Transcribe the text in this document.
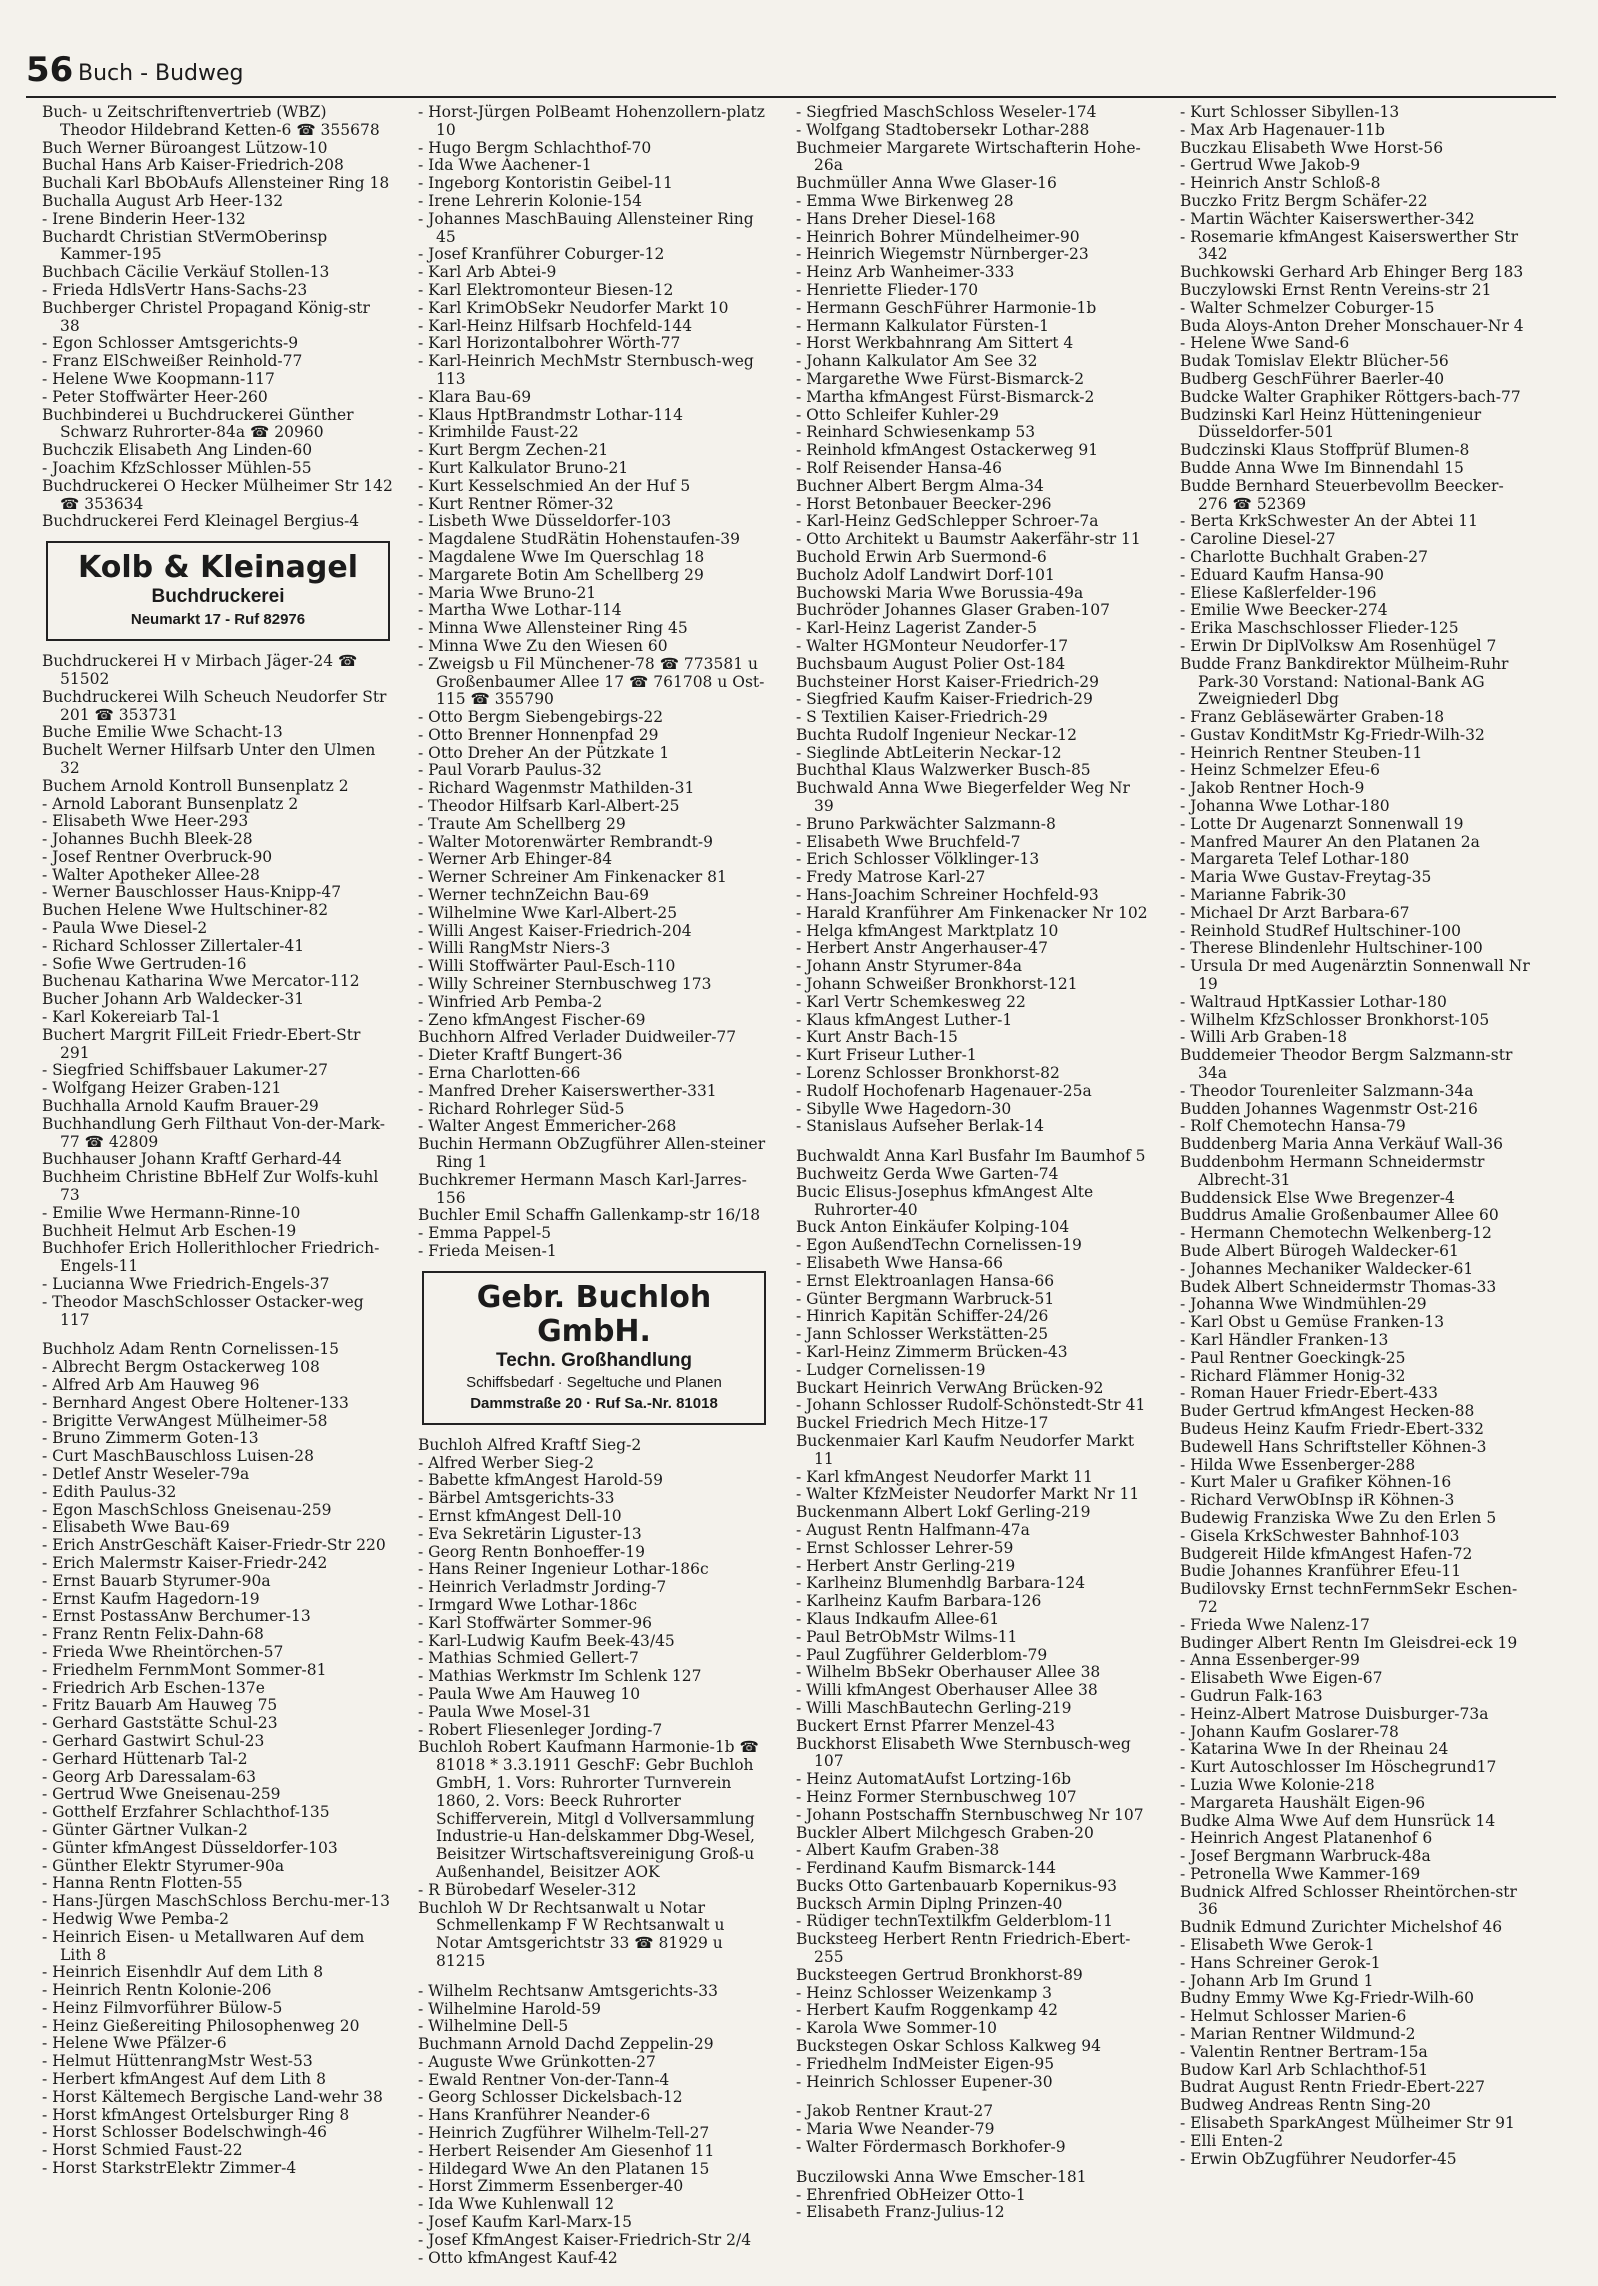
56 Buch - Budweg
Buch- u Zeitschriftenvertrieb (WBZ) Theodor Hildebrand Ketten-6 ☎ 355678
Buch Werner Büroangest Lützow-10
Buchal Hans Arb Kaiser-Friedrich-208
Buchali Karl BbObAufs Allensteiner Ring 18
Buchalla August Arb Heer-132
- Irene Binderin Heer-132
Buchardt Christian StVermOberinsp Kammer-195
Buchbach Cäcilie Verkäuf Stollen-13
- Frieda HdlsVertr Hans-Sachs-23
Buchberger Christel Propagand König-str 38
- Egon Schlosser Amtsgerichts-9
- Franz ElSchweißer Reinhold-77
- Helene Wwe Koopmann-117
- Peter Stoffwärter Heer-260
Buchbinderei u Buchdruckerei Günther Schwarz Ruhrorter-84a ☎ 20960
Buchczik Elisabeth Ang Linden-60
- Joachim KfzSchlosser Mühlen-55
Buchdruckerei O Hecker Mülheimer Str 142 ☎ 353634
Buchdruckerei Ferd Kleinagel Bergius-4
Kolb & Kleinagel
Buchdruckerei
Neumarkt 17 - Ruf 82976
Buchdruckerei H v Mirbach Jäger-24 ☎ 51502
Buchdruckerei Wilh Scheuch Neudorfer Str 201 ☎ 353731
Buche Emilie Wwe Schacht-13
Buchelt Werner Hilfsarb Unter den Ulmen 32
Buchem Arnold Kontroll Bunsenplatz 2
- Arnold Laborant Bunsenplatz 2
- Elisabeth Wwe Heer-293
- Johannes Buchh Bleek-28
- Josef Rentner Overbruck-90
- Walter Apotheker Allee-28
- Werner Bauschlosser Haus-Knipp-47
Buchen Helene Wwe Hultschiner-82
- Paula Wwe Diesel-2
- Richard Schlosser Zillertaler-41
- Sofie Wwe Gertruden-16
Buchenau Katharina Wwe Mercator-112
Bucher Johann Arb Waldecker-31
- Karl Kokereiarb Tal-1
Buchert Margrit FilLeit Friedr-Ebert-Str 291
- Siegfried Schiffsbauer Lakumer-27
- Wolfgang Heizer Graben-121
Buchhalla Arnold Kaufm Brauer-29
Buchhandlung Gerh Filthaut Von-der-Mark-77 ☎ 42809
Buchhauser Johann Kraftf Gerhard-44
Buchheim Christine BbHelf Zur Wolfs-kuhl 73
- Emilie Wwe Hermann-Rinne-10
Buchheit Helmut Arb Eschen-19
Buchhofer Erich Hollerithlocher Friedrich-Engels-11
- Lucianna Wwe Friedrich-Engels-37
- Theodor MaschSchlosser Ostacker-weg 117
Buchholz Adam Rentn Cornelissen-15
- Albrecht Bergm Ostackerweg 108
- Alfred Arb Am Hauweg 96
- Bernhard Angest Obere Holtener-133
- Brigitte VerwAngest Mülheimer-58
- Bruno Zimmerm Goten-13
- Curt MaschBauschloss Luisen-28
- Detlef Anstr Weseler-79a
- Edith Paulus-32
- Egon MaschSchloss Gneisenau-259
- Elisabeth Wwe Bau-69
- Erich AnstrGeschäft Kaiser-Friedr-Str 220
- Erich Malermstr Kaiser-Friedr-242
- Ernst Bauarb Styrumer-90a
- Ernst Kaufm Hagedorn-19
- Ernst PostassAnw Berchumer-13
- Franz Rentn Felix-Dahn-68
- Frieda Wwe Rheintörchen-57
- Friedhelm FernmMont Sommer-81
- Friedrich Arb Eschen-137e
- Fritz Bauarb Am Hauweg 75
- Gerhard Gaststätte Schul-23
- Gerhard Gastwirt Schul-23
- Gerhard Hüttenarb Tal-2
- Georg Arb Daressalam-63
- Gertrud Wwe Gneisenau-259
- Gotthelf Erzfahrer Schlachthof-135
- Günter Gärtner Vulkan-2
- Günter kfmAngest Düsseldorfer-103
- Günther Elektr Styrumer-90a
- Hanna Rentn Flotten-55
- Hans-Jürgen MaschSchloss Berchu-mer-13
- Hedwig Wwe Pemba-2
- Heinrich Eisen- u Metallwaren Auf dem Lith 8
- Heinrich Eisenhdlr Auf dem Lith 8
- Heinrich Rentn Kolonie-206
- Heinz Filmvorführer Bülow-5
- Heinz Gießereiting Philosophenweg 20
- Helene Wwe Pfälzer-6
- Helmut HüttenrangMstr West-53
- Herbert kfmAngest Auf dem Lith 8
- Horst Kältemech Bergische Land-wehr 38
- Horst kfmAngest Ortelsburger Ring 8
- Horst Schlosser Bodelschwingh-46
- Horst Schmied Faust-22
- Horst StarkstrElektr Zimmer-4
- Horst-Jürgen PolBeamt Hohenzollern-platz 10
- Hugo Bergm Schlachthof-70
- Ida Wwe Aachener-1
- Ingeborg Kontoristin Geibel-11
- Irene Lehrerin Kolonie-154
- Johannes MaschBauing Allensteiner Ring 45
- Josef Kranführer Coburger-12
- Karl Arb Abtei-9
- Karl Elektromonteur Biesen-12
- Karl KrimObSekr Neudorfer Markt 10
- Karl-Heinz Hilfsarb Hochfeld-144
- Karl Horizontalbohrer Wörth-77
- Karl-Heinrich MechMstr Sternbusch-weg 113
- Klara Bau-69
- Klaus HptBrandmstr Lothar-114
- Krimhilde Faust-22
- Kurt Bergm Zechen-21
- Kurt Kalkulator Bruno-21
- Kurt Kesselschmied An der Huf 5
- Kurt Rentner Römer-32
- Lisbeth Wwe Düsseldorfer-103
- Magdalene StudRätin Hohenstaufen-39
- Magdalene Wwe Im Querschlag 18
- Margarete Botin Am Schellberg 29
- Maria Wwe Bruno-21
- Martha Wwe Lothar-114
- Minna Wwe Allensteiner Ring 45
- Minna Wwe Zu den Wiesen 60
- Zweigsb u Fil Münchener-78 ☎ 773581 u Großenbaumer Allee 17 ☎ 761708 u Ost-115 ☎ 355790
- Otto Bergm Siebengebirgs-22
- Otto Brenner Honnenpfad 29
- Otto Dreher An der Pützkate 1
- Paul Vorarb Paulus-32
- Richard Wagenmstr Mathilden-31
- Theodor Hilfsarb Karl-Albert-25
- Traute Am Schellberg 29
- Walter Motorenwärter Rembrandt-9
- Werner Arb Ehinger-84
- Werner Schreiner Am Finkenacker 81
- Werner technZeichn Bau-69
- Wilhelmine Wwe Karl-Albert-25
- Willi Angest Kaiser-Friedrich-204
- Willi RangMstr Niers-3
- Willi Stoffwärter Paul-Esch-110
- Willy Schreiner Sternbuschweg 173
- Winfried Arb Pemba-2
- Zeno kfmAngest Fischer-69
Buchhorn Alfred Verlader Duidweiler-77
- Dieter Kraftf Bungert-36
- Erna Charlotten-66
- Manfred Dreher Kaiserswerther-331
- Richard Rohrleger Süd-5
- Walter Angest Emmericher-268
Buchin Hermann ObZugführer Allen-steiner Ring 1
Buchkremer Hermann Masch Karl-Jarres-156
Buchler Emil Schaffn Gallenkamp-str 16/18
- Emma Pappel-5
- Frieda Meisen-1
Gebr. Buchloh GmbH.
Techn. Großhandlung
Schiffsbedarf · Segeltuche und Planen
Dammstraße 20 · Ruf Sa.-Nr. 81018
Buchloh Alfred Kraftf Sieg-2
- Alfred Werber Sieg-2
- Babette kfmAngest Harold-59
- Bärbel Amtsgerichts-33
- Ernst kfmAngest Dell-10
- Eva Sekretärin Liguster-13
- Georg Rentn Bonhoeffer-19
- Hans Reiner Ingenieur Lothar-186c
- Heinrich Verladmstr Jording-7
- Irmgard Wwe Lothar-186c
- Karl Stoffwärter Sommer-96
- Karl-Ludwig Kaufm Beek-43/45
- Mathias Schmied Gellert-7
- Mathias Werkmstr Im Schlenk 127
- Paula Wwe Am Hauweg 10
- Paula Wwe Mosel-31
- Robert Fliesenleger Jording-7
Buchloh Robert Kaufmann Harmonie-1b ☎ 81018 * 3.3.1911 GeschF: Gebr Buchloh GmbH, 1. Vors: Ruhrorter Turnverein 1860, 2. Vors: Beeck Ruhrorter Schifferverein, Mitgl d Vollversammlung Industrie-u Han-delskammer Dbg-Wesel, Beisitzer Wirtschaftsvereinigung Groß-u Außenhandel, Beisitzer AOK
- R Bürobedarf Weseler-312
Buchloh W Dr Rechtsanwalt u Notar Schmellenkamp F W Rechtsanwalt u Notar Amtsgerichtstr 33 ☎ 81929 u 81215
- Wilhelm Rechtsanw Amtsgerichts-33
- Wilhelmine Harold-59
- Wilhelmine Dell-5
Buchmann Arnold Dachd Zeppelin-29
- Auguste Wwe Grünkotten-27
- Ewald Rentner Von-der-Tann-4
- Georg Schlosser Dickelsbach-12
- Hans Kranführer Neander-6
- Heinrich Zugführer Wilhelm-Tell-27
- Herbert Reisender Am Giesenhof 11
- Hildegard Wwe An den Platanen 15
- Horst Zimmerm Essenberger-40
- Ida Wwe Kuhlenwall 12
- Josef Kaufm Karl-Marx-15
- Josef KfmAngest Kaiser-Friedrich-Str 2/4
- Otto kfmAngest Kauf-42
- Siegfried MaschSchloss Weseler-174
- Wolfgang Stadtobersekr Lothar-288
Buchmeier Margarete Wirtschafterin Hohe-26a
Buchmüller Anna Wwe Glaser-16
- Emma Wwe Birkenweg 28
- Hans Dreher Diesel-168
- Heinrich Bohrer Mündelheimer-90
- Heinrich Wiegemstr Nürnberger-23
- Heinz Arb Wanheimer-333
- Henriette Flieder-170
- Hermann GeschFührer Harmonie-1b
- Hermann Kalkulator Fürsten-1
- Horst Werkbahnrang Am Sittert 4
- Johann Kalkulator Am See 32
- Margarethe Wwe Fürst-Bismarck-2
- Martha kfmAngest Fürst-Bismarck-2
- Otto Schleifer Kuhler-29
- Reinhard Schwiesenkamp 53
- Reinhold kfmAngest Ostackerweg 91
- Rolf Reisender Hansa-46
Buchner Albert Bergm Alma-34
- Horst Betonbauer Beecker-296
- Karl-Heinz GedSchlepper Schroer-7a
- Otto Architekt u Baumstr Aakerfähr-str 11
Buchold Erwin Arb Suermond-6
Bucholz Adolf Landwirt Dorf-101
Buchowski Maria Wwe Borussia-49a
Buchröder Johannes Glaser Graben-107
- Karl-Heinz Lagerist Zander-5
- Walter HGMonteur Neudorfer-17
Buchsbaum August Polier Ost-184
Buchsteiner Horst Kaiser-Friedrich-29
- Siegfried Kaufm Kaiser-Friedrich-29
- S Textilien Kaiser-Friedrich-29
Buchta Rudolf Ingenieur Neckar-12
- Sieglinde AbtLeiterin Neckar-12
Buchthal Klaus Walzwerker Busch-85
Buchwald Anna Wwe Biegerfelder Weg Nr 39
- Bruno Parkwächter Salzmann-8
- Elisabeth Wwe Bruchfeld-7
- Erich Schlosser Völklinger-13
- Fredy Matrose Karl-27
- Hans-Joachim Schreiner Hochfeld-93
- Harald Kranführer Am Finkenacker Nr 102
- Helga kfmAngest Marktplatz 10
- Herbert Anstr Angerhauser-47
- Johann Anstr Styrumer-84a
- Johann Schweißer Bronkhorst-121
- Karl Vertr Schemkesweg 22
- Klaus kfmAngest Luther-1
- Kurt Anstr Bach-15
- Kurt Friseur Luther-1
- Lorenz Schlosser Bronkhorst-82
- Rudolf Hochofenarb Hagenauer-25a
- Sibylle Wwe Hagedorn-30
- Stanislaus Aufseher Berlak-14
Buchwaldt Anna Karl Busfahr Im Baumhof 5
Buchweitz Gerda Wwe Garten-74
Bucic Elisus-Josephus kfmAngest Alte Ruhrorter-40
Buck Anton Einkäufer Kolping-104
- Egon AußendTechn Cornelissen-19
- Elisabeth Wwe Hansa-66
- Ernst Elektroanlagen Hansa-66
- Günter Bergmann Warbruck-51
- Hinrich Kapitän Schiffer-24/26
- Jann Schlosser Werkstätten-25
- Karl-Heinz Zimmerm Brücken-43
- Ludger Cornelissen-19
Buckart Heinrich VerwAng Brücken-92
- Johann Schlosser Rudolf-Schönstedt-Str 41
Buckel Friedrich Mech Hitze-17
Buckenmaier Karl Kaufm Neudorfer Markt 11
- Karl kfmAngest Neudorfer Markt 11
- Walter KfzMeister Neudorfer Markt Nr 11
Buckenmann Albert Lokf Gerling-219
- August Rentn Halfmann-47a
- Ernst Schlosser Lehrer-59
- Herbert Anstr Gerling-219
- Karlheinz Blumenhdlg Barbara-124
- Karlheinz Kaufm Barbara-126
- Klaus Indkaufm Allee-61
- Paul BetrObMstr Wilms-11
- Paul Zugführer Gelderblom-79
- Wilhelm BbSekr Oberhauser Allee 38
- Willi kfmAngest Oberhauser Allee 38
- Willi MaschBautechn Gerling-219
Buckert Ernst Pfarrer Menzel-43
Buckhorst Elisabeth Wwe Sternbusch-weg 107
- Heinz AutomatAufst Lortzing-16b
- Heinz Former Sternbuschweg 107
- Johann Postschaffn Sternbuschweg Nr 107
Buckler Albert Milchgesch Graben-20
- Albert Kaufm Graben-38
- Ferdinand Kaufm Bismarck-144
Bucks Otto Gartenbauarb Kopernikus-93
Bucksch Armin Diplng Prinzen-40
- Rüdiger technTextilkfm Gelderblom-11
Bucksteeg Herbert Rentn Friedrich-Ebert-255
Bucksteegen Gertrud Bronkhorst-89
- Heinz Schlosser Weizenkamp 3
- Herbert Kaufm Roggenkamp 42
- Karola Wwe Sommer-10
Buckstegen Oskar Schloss Kalkweg 94
- Friedhelm IndMeister Eigen-95
- Heinrich Schlosser Eupener-30
- Jakob Rentner Kraut-27
- Maria Wwe Neander-79
- Walter Fördermasch Borkhofer-9
Buczilowski Anna Wwe Emscher-181
- Ehrenfried ObHeizer Otto-1
- Elisabeth Franz-Julius-12
- Kurt Schlosser Sibyllen-13
- Max Arb Hagenauer-11b
Buczkau Elisabeth Wwe Horst-56
- Gertrud Wwe Jakob-9
- Heinrich Anstr Schloß-8
Buczko Fritz Bergm Schäfer-22
- Martin Wächter Kaiserswerther-342
- Rosemarie kfmAngest Kaiserswerther Str 342
Buchkowski Gerhard Arb Ehinger Berg 183
Buczylowski Ernst Rentn Vereins-str 21
- Walter Schmelzer Coburger-15
Buda Aloys-Anton Dreher Monschauer-Nr 4
- Helene Wwe Sand-6
Budak Tomislav Elektr Blücher-56
Budberg GeschFührer Baerler-40
Budcke Walter Graphiker Röttgers-bach-77
Budzinski Karl Heinz Hütteningenieur Düsseldorfer-501
Budczinski Klaus Stoffprüf Blumen-8
Budde Anna Wwe Im Binnendahl 15
Budde Bernhard Steuerbevollm Beecker-276 ☎ 52369
- Berta KrkSchwester An der Abtei 11
- Caroline Diesel-27
- Charlotte Buchhalt Graben-27
- Eduard Kaufm Hansa-90
- Eliese Kaßlerfelder-196
- Emilie Wwe Beecker-274
- Erika Maschschlosser Flieder-125
- Erwin Dr DiplVolksw Am Rosenhügel 7
Budde Franz Bankdirektor Mülheim-Ruhr Park-30 Vorstand: National-Bank AG Zweigniederl Dbg
- Franz Gebläsewärter Graben-18
- Gustav KonditMstr Kg-Friedr-Wilh-32
- Heinrich Rentner Steuben-11
- Heinz Schmelzer Efeu-6
- Jakob Rentner Hoch-9
- Johanna Wwe Lothar-180
- Lotte Dr Augenarzt Sonnenwall 19
- Manfred Maurer An den Platanen 2a
- Margareta Telef Lothar-180
- Maria Wwe Gustav-Freytag-35
- Marianne Fabrik-30
- Michael Dr Arzt Barbara-67
- Reinhold StudRef Hultschiner-100
- Therese Blindenlehr Hultschiner-100
- Ursula Dr med Augenärztin Sonnenwall Nr 19
- Waltraud HptKassier Lothar-180
- Wilhelm KfzSchlosser Bronkhorst-105
- Willi Arb Graben-18
Buddemeier Theodor Bergm Salzmann-str 34a
- Theodor Tourenleiter Salzmann-34a
Budden Johannes Wagenmstr Ost-216
- Rolf Chemotechn Hansa-79
Buddenberg Maria Anna Verkäuf Wall-36
Buddenbohm Hermann Schneidermstr Albrecht-31
Buddensick Else Wwe Bregenzer-4
Buddrus Amalie Großenbaumer Allee 60
- Hermann Chemotechn Welkenberg-12
Bude Albert Bürogeh Waldecker-61
- Johannes Mechaniker Waldecker-61
Budek Albert Schneidermstr Thomas-33
- Johanna Wwe Windmühlen-29
- Karl Obst u Gemüse Franken-13
- Karl Händler Franken-13
- Paul Rentner Goeckingk-25
- Richard Flämmer Honig-32
- Roman Hauer Friedr-Ebert-433
Buder Gertrud kfmAngest Hecken-88
Budeus Heinz Kaufm Friedr-Ebert-332
Budewell Hans Schriftsteller Köhnen-3
- Hilda Wwe Essenberger-288
- Kurt Maler u Grafiker Köhnen-16
- Richard VerwObInsp iR Köhnen-3
Budewig Franziska Wwe Zu den Erlen 5
- Gisela KrkSchwester Bahnhof-103
Budgereit Hilde kfmAngest Hafen-72
Budie Johannes Kranführer Efeu-11
Budilovsky Ernst technFernmSekr Eschen-72
- Frieda Wwe Nalenz-17
Budinger Albert Rentn Im Gleisdrei-eck 19
- Anna Essenberger-99
- Elisabeth Wwe Eigen-67
- Gudrun Falk-163
- Heinz-Albert Matrose Duisburger-73a
- Johann Kaufm Goslarer-78
- Katarina Wwe In der Rheinau 24
- Kurt Autoschlosser Im Höschegrund17
- Luzia Wwe Kolonie-218
- Margareta Haushält Eigen-96
Budke Alma Wwe Auf dem Hunsrück 14
- Heinrich Angest Platanenhof 6
- Josef Bergmann Warbruck-48a
- Petronella Wwe Kammer-169
Budnick Alfred Schlosser Rheintörchen-str 36
Budnik Edmund Zurichter Michelshof 46
- Elisabeth Wwe Gerok-1
- Hans Schreiner Gerok-1
- Johann Arb Im Grund 1
Budny Emmy Wwe Kg-Friedr-Wilh-60
- Helmut Schlosser Marien-6
- Marian Rentner Wildmund-2
- Valentin Rentner Bertram-15a
Budow Karl Arb Schlachthof-51
Budrat August Rentn Friedr-Ebert-227
Budweg Andreas Rentn Sing-20
- Elisabeth SparkAngest Mülheimer Str 91
- Elli Enten-2
- Erwin ObZugführer Neudorfer-45
